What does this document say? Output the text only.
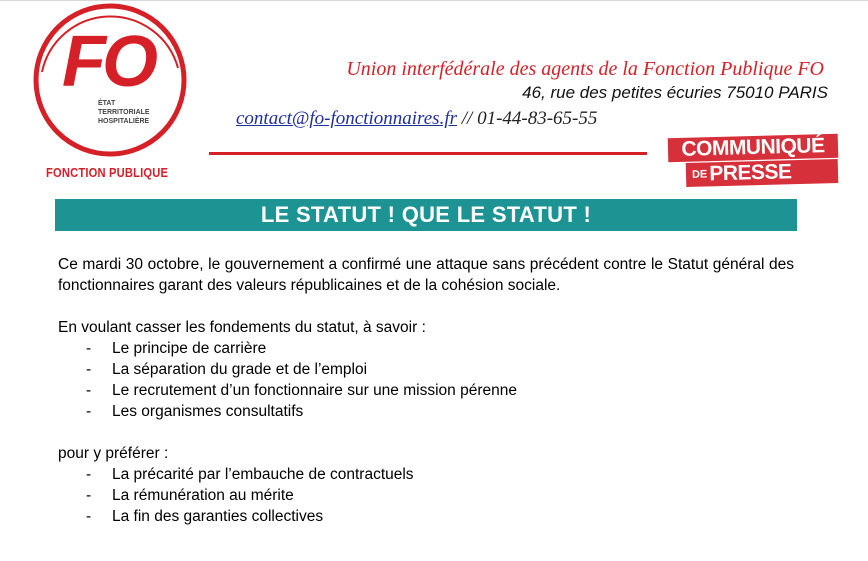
FO
ÉTAT
TERRITORIALE
HOSPITALIÈRE
FONCTION PUBLIQUE
Union interfédérale des agents de la Fonction Publique FO
46, rue des petites écuries 75010 PARIS
contact@fo-fonctionnaires.fr // 01-44-83-65-55
COMMUNIQUÉ
DEPRESSE
LE STATUT ! QUE LE STATUT !

Ce mardi 30 octobre, le gouvernement a confirmé une attaque sans précédent contre le Statut général des fonctionnaires garant des valeurs républicaines et de la cohésion sociale.

En voulant casser les fondements du statut, à savoir :

- Le principe de carrière
- La séparation du grade et de l’emploi
- Le recrutement d’un fonctionnaire sur une mission pérenne
- Les organismes consultatifs

pour y préférer :

- La précarité par l’embauche de contractuels
- La rémunération au mérite
- La fin des garanties collectives
